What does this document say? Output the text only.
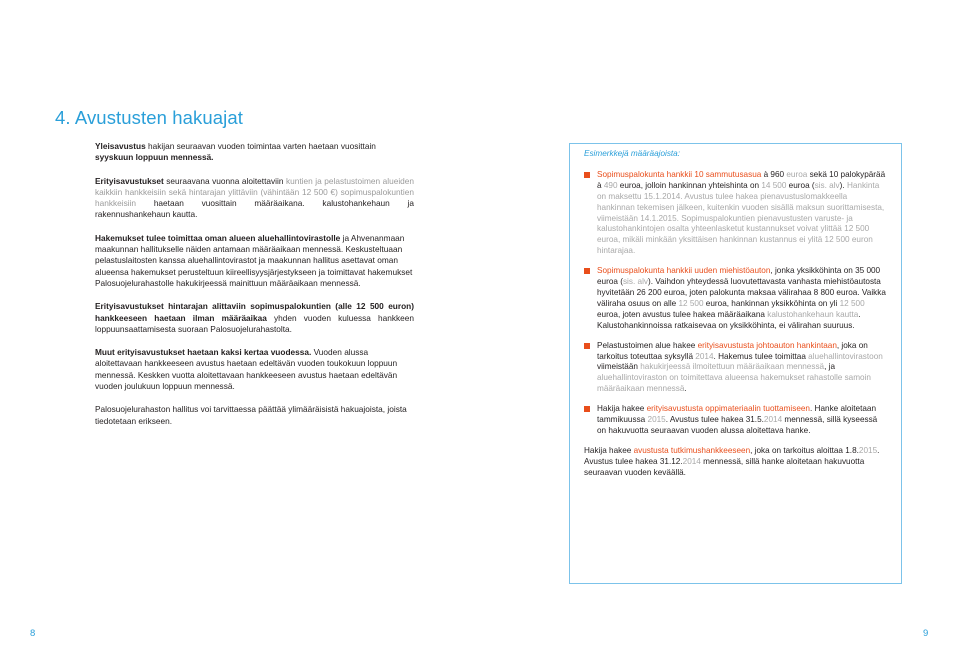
4. Avustusten hakuajat

Yleisavustus hakijan seuraavan vuoden toimintaa varten haetaan vuosittain syyskuun loppuun mennessä.

Erityisavustukset seuraavana vuonna aloitettaviin kuntien ja pelastustoimen alueiden kaikkiin hankkeisiin sekä hintarajan ylittäviin (vähintään 12 500 €) sopimuspalokuntien hankkeisiin haetaan vuosittain määräaikana. kalustohankehaun ja rakennushankehaun kautta.

Hakemukset tulee toimittaa oman alueen aluehallintovirastolle ja Ahvenanmaan maakunnan hallitukselle näiden antamaan määräaikaan mennessä. Keskusteltuaan pelastuslaitosten kanssa aluehallintovirastot ja maakunnan hallitus asettavat oman alueensa hakemukset perusteltuun kiireellisyysjärjestykseen ja toimittavat hakemukset Palosuojelurahastolle hakukirjeessä mainittuun määräaikaan mennessä.

Erityisavustukset hintarajan alittaviin sopimuspalokuntien (alle 12 500 euron) hankkeeseen haetaan ilman määräaikaa yhden vuoden kuluessa hankkeen loppuunsaattamisesta suoraan Palosuojelurahastolta.

Muut erityisavustukset haetaan kaksi kertaa vuodessa. Vuoden alussa aloitettavaan hankkeeseen avustus haetaan edeltävän vuoden toukokuun loppuun mennessä. Keskken vuotta aloitettavaan hankkeeseen avustus haetaan edeltävän vuoden joulukuun loppuun mennessä.

Palosuojelurahaston hallitus voi tarvittaessa päättää ylimääräisistä hakuajoista, joista tiedotetaan erikseen.

Esimerkkejä määräajoista:

Sopimuspalokunta hankkii 10 sammutusasua à 960 euroa sekä 10 palokypärää à 490 euroa, jolloin hankinnan yhteishinta on 14 500 euroa (sis. alv). Hankinta on maksettu 15.1.2014. Avustus tulee hakea pienavustuslomakkeella hankinnan tekemisen jälkeen, kuitenkin vuoden sisällä maksun suorittamisesta, viimeistään 14.1.2015. Sopimuspalokuntien pienavustusten varuste- ja kalustohankintojen osalta yhteenlasketut kustannukset voivat ylittää 12 500 euroa, mikäli minkään yksittäisen hankinnan kustannus ei ylitä 12 500 euron hintarajaa.
Sopimuspalokunta hankkii uuden miehistöauton, jonka yksikköhinta on 35 000 euroa (sis. alv). Vaihdon yhteydessä luovutettavasta vanhasta miehistöautosta hyvitetään 26 200 euroa, joten palokunta maksaa välirahaa 8 800 euroa. Vaikka väliraha osuus on alle 12 500 euroa, hankinnan yksikköhinta on yli 12 500 euroa, joten avustus tulee hakea määräaikana kalustohankehaun kautta. Kalustohankinnoissa ratkaisevaa on yksikköhinta, ei välirahan suuruus.
Pelastustoimen alue hakee erityisavustusta johtoauton hankintaan, joka on tarkoitus toteuttaa syksyllä 2014. Hakemus tulee toimittaa aluehallintovirastoon viimeistään hakukirjeessä ilmoitettuun määräaikaan mennessä, ja aluehallintoviraston on toimitettava alueensa hakemukset rahastolle samoin määräaikaan mennessä.
Hakija hakee erityisavustusta oppimateriaalin tuottamiseen. Hanke aloitetaan tammikuussa 2015. Avustus tulee hakea 31.5.2014 mennessä, sillä kyseessä on hakuvuotta seuraavan vuoden alussa aloitettava hanke.

Hakija hakee avustusta tutkimushankkeeseen, joka on tarkoitus aloittaa 1.8.2015. Avustus tulee hakea 31.12.2014 mennessä, sillä hanke aloitetaan hakuvuotta seuraavan vuoden keväällä.

8	9
